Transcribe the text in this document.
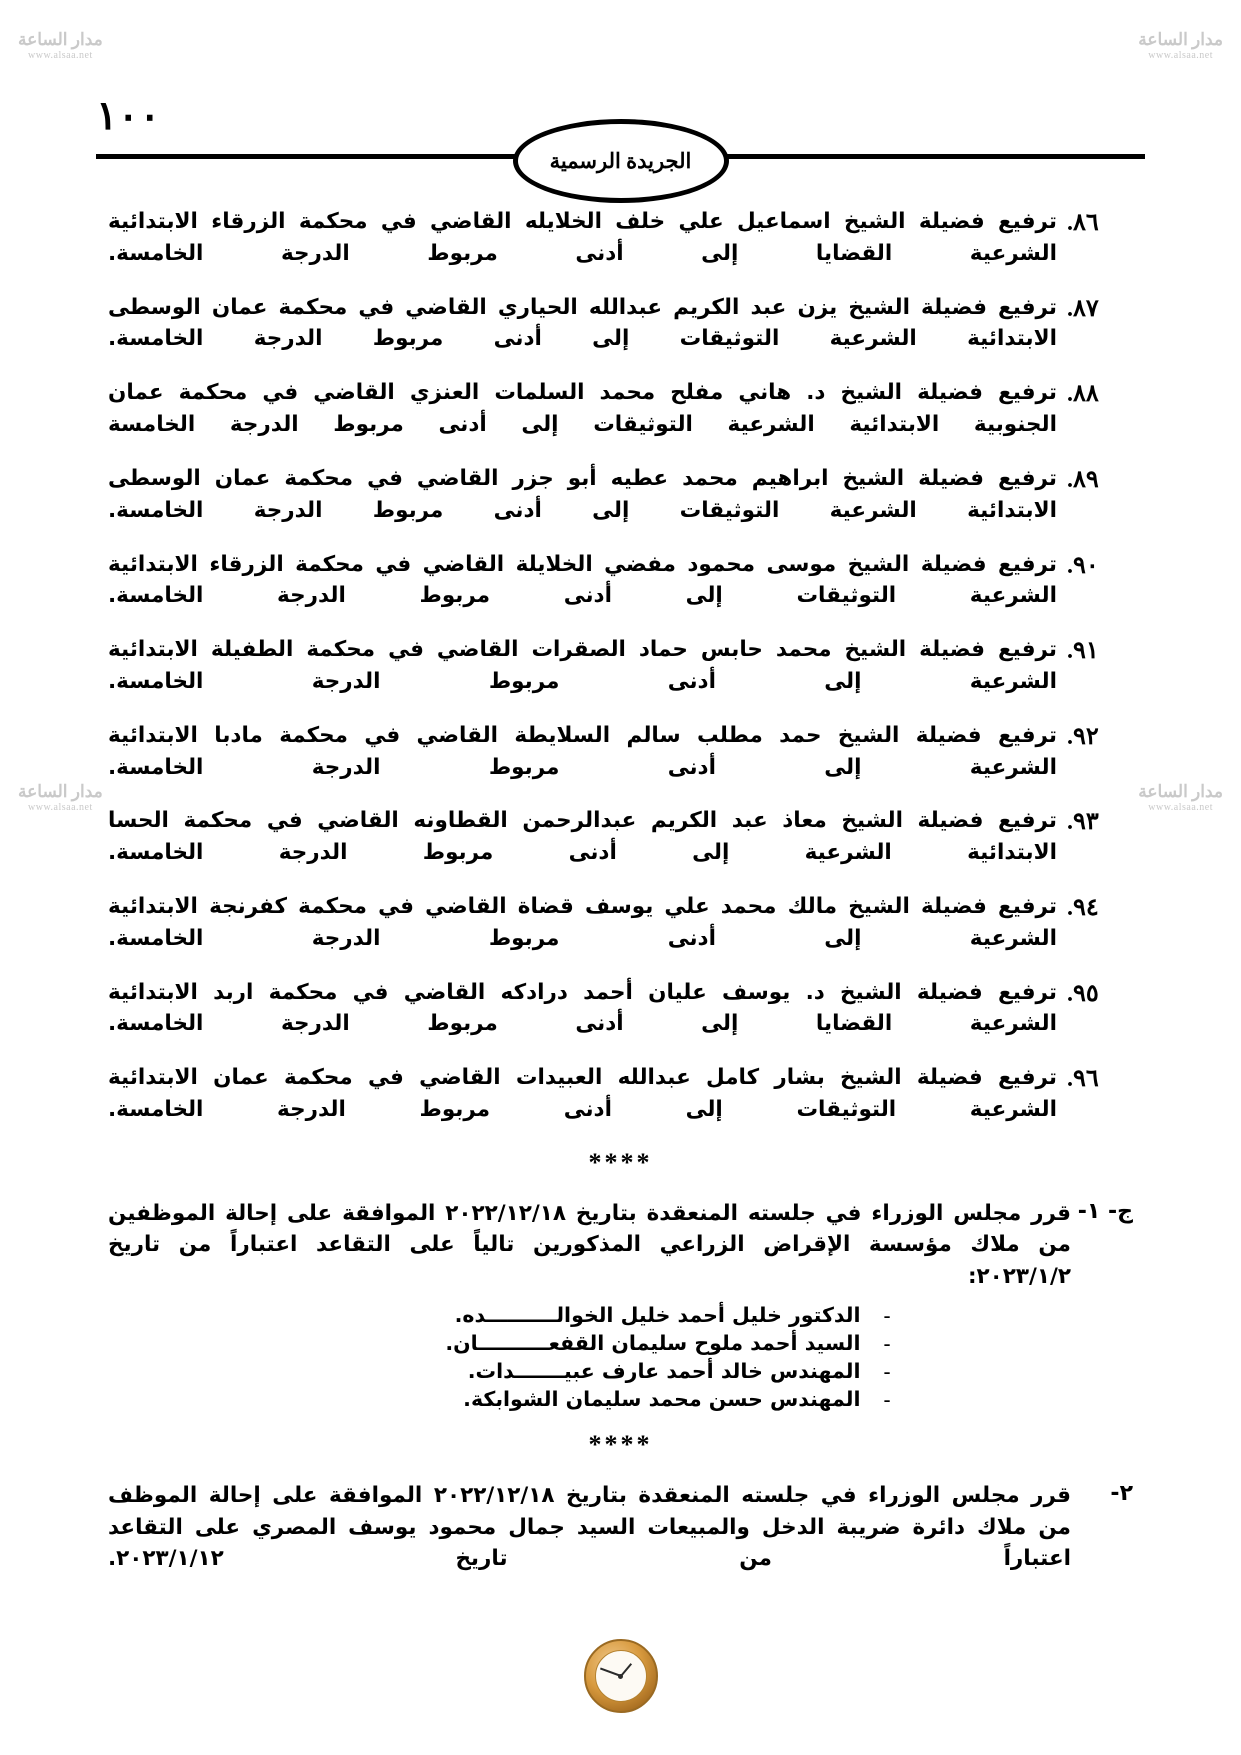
مدار الساعة
www.alsaa.net
مدار الساعة
www.alsaa.net
مدار الساعة
www.alsaa.net
مدار الساعة
www.alsaa.net
١٠٠
الجريدة الرسمية
٨٦.
ترفيع فضيلة الشيخ اسماعيل علي خلف الخلايله القاضي في محكمة الزرقاء الابتدائية الشرعية القضايا إلى أدنى مربوط الدرجة الخامسة.
٨٧.
ترفيع فضيلة الشيخ يزن عبد الكريم عبدالله الحياري القاضي في محكمة عمان الوسطى الابتدائية الشرعية التوثيقات إلى أدنى مربوط الدرجة الخامسة.
٨٨.
ترفيع فضيلة الشيخ د. هاني مفلح محمد السلمات العنزي القاضي في محكمة عمان الجنوبية الابتدائية الشرعية التوثيقات إلى أدنى مربوط الدرجة الخامسة
٨٩.
ترفيع فضيلة الشيخ ابراهيم محمد عطيه أبو جزر القاضي في محكمة عمان الوسطى الابتدائية الشرعية التوثيقات إلى أدنى مربوط الدرجة الخامسة.
٩٠.
ترفيع فضيلة الشيخ موسى محمود مفضي الخلايلة القاضي في محكمة الزرقاء الابتدائية الشرعية التوثيقات إلى أدنى مربوط الدرجة الخامسة.
٩١.
ترفيع فضيلة الشيخ محمد حابس حماد الصقرات القاضي في محكمة الطفيلة الابتدائية الشرعية إلى أدنى مربوط الدرجة الخامسة.
٩٢.
ترفيع فضيلة الشيخ حمد مطلب سالم السلايطة القاضي في محكمة مادبا الابتدائية الشرعية إلى أدنى مربوط الدرجة الخامسة.
٩٣.
ترفيع فضيلة الشيخ معاذ عبد الكريم عبدالرحمن القطاونه القاضي في محكمة الحسا الابتدائية الشرعية إلى أدنى مربوط الدرجة الخامسة.
٩٤.
ترفيع فضيلة الشيخ مالك محمد علي يوسف قضاة القاضي في محكمة كفرنجة الابتدائية الشرعية إلى أدنى مربوط الدرجة الخامسة.
٩٥.
ترفيع فضيلة الشيخ د. يوسف عليان أحمد درادكه القاضي في محكمة اربد الابتدائية الشرعية القضايا إلى أدنى مربوط الدرجة الخامسة.
٩٦.
ترفيع فضيلة الشيخ بشار كامل عبدالله العبيدات القاضي في محكمة عمان الابتدائية الشرعية التوثيقات إلى أدنى مربوط الدرجة الخامسة.
****
ج- ١-
قرر مجلس الوزراء في جلسته المنعقدة بتاريخ ٢٠٢٢/١٢/١٨ الموافقة على إحالة الموظفين من ملاك مؤسسة الإقراض الزراعي المذكورين تالياً على التقاعد اعتباراً من تاريخ ٢٠٢٣/١/٢:
-
الدكتور خليل أحمد خليل الخوالــــــــــده.
-
السيد أحمد ملوح سليمان القفعــــــــــان.
-
المهندس خالد أحمد عارف عبيـــــــدات.
-
المهندس حسن محمد سليمان الشوابكة.
****
٢-
قرر مجلس الوزراء في جلسته المنعقدة بتاريخ ٢٠٢٢/١٢/١٨ الموافقة على إحالة الموظف من ملاك دائرة ضريبة الدخل والمبيعات السيد جمال محمود يوسف المصري على التقاعد اعتباراً من تاريخ ٢٠٢٣/١/١٢.
